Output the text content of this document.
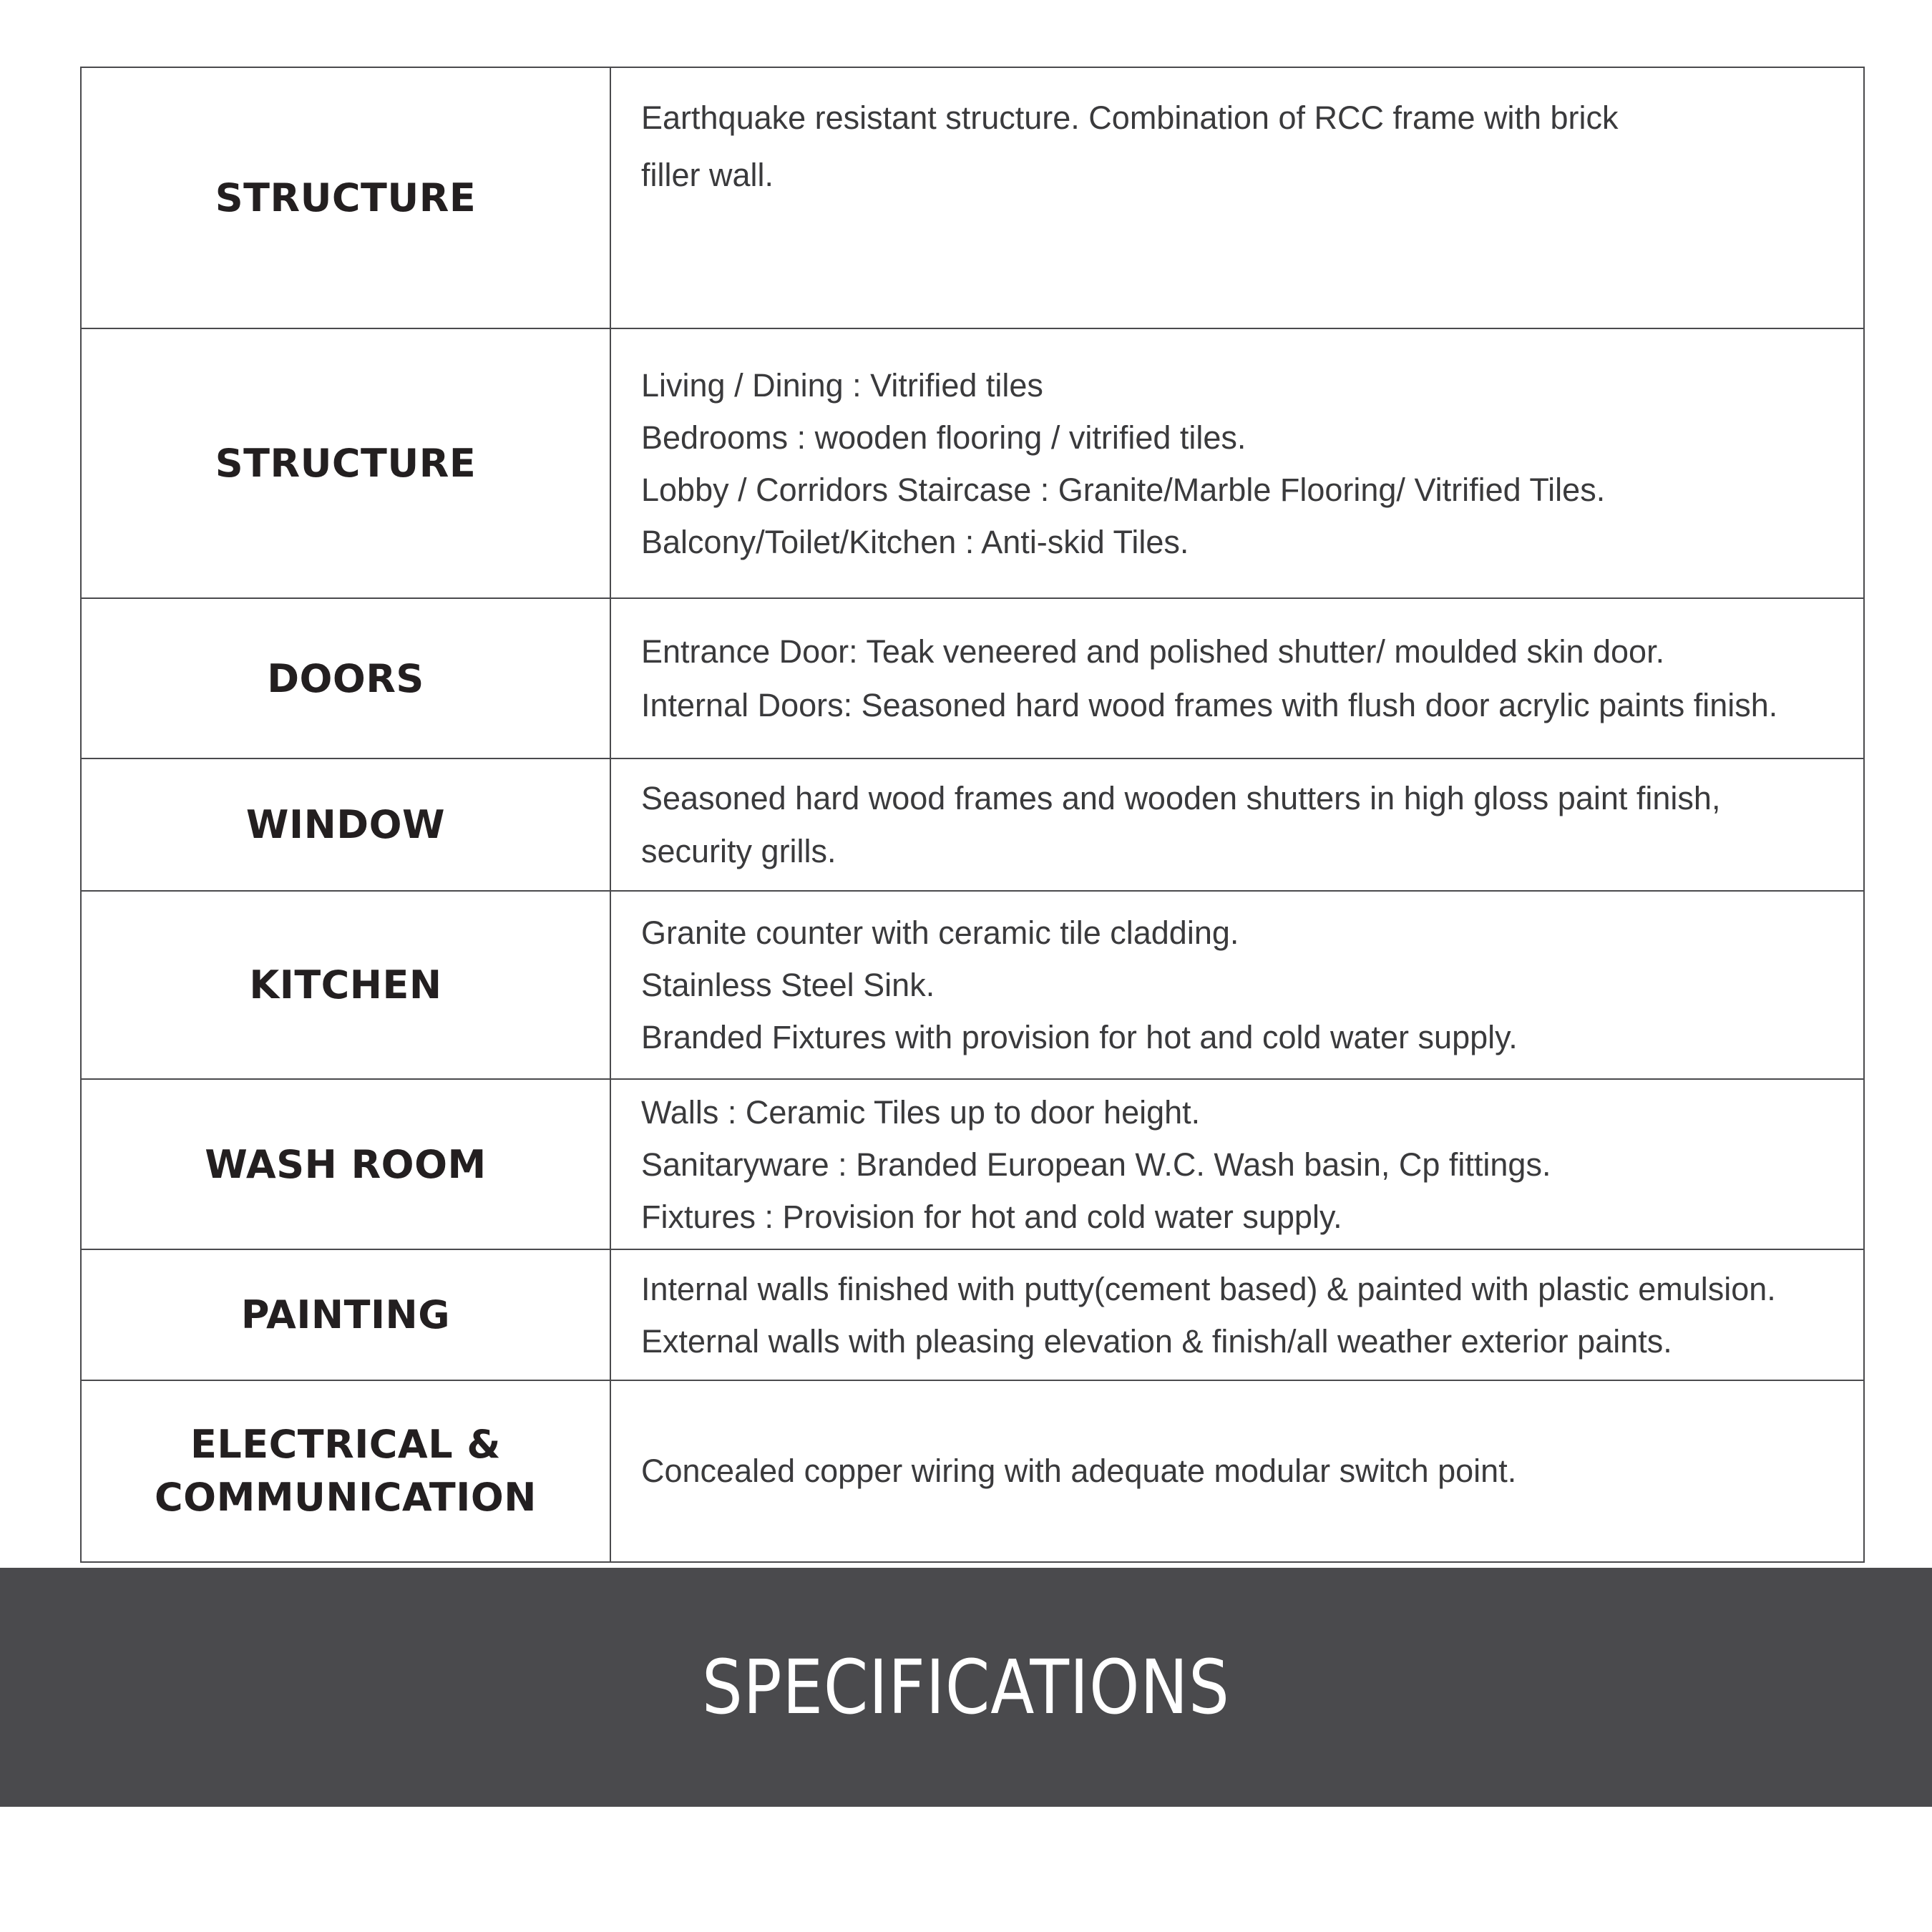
STRUCTURE	Earthquake resistant structure. Combination of RCC frame with brick
filler wall.

STRUCTURE	Living / Dining : Vitrified tiles
Bedrooms : wooden flooring / vitrified tiles.
Lobby / Corridors Staircase : Granite/Marble Flooring/ Vitrified Tiles.
Balcony/Toilet/Kitchen : Anti-skid Tiles.

DOORS	Entrance Door: Teak veneered and polished shutter/ moulded skin door.
Internal Doors: Seasoned hard wood frames with flush door acrylic paints finish.

WINDOW	Seasoned hard wood frames and wooden shutters in high gloss paint finish,
security grills.

KITCHEN	Granite counter with ceramic tile cladding.
Stainless Steel Sink.
Branded Fixtures with provision for hot and cold water supply.

WASH ROOM	Walls : Ceramic Tiles up to door height.
Sanitaryware : Branded European W.C. Wash basin, Cp fittings.
Fixtures : Provision for hot and cold water supply.

PAINTING	Internal walls finished with putty(cement based) & painted with plastic emulsion.
External walls with pleasing elevation & finish/all weather exterior paints.

ELECTRICAL &
COMMUNICATION	Concealed copper wiring with adequate modular switch point.
SPECIFICATIONS
